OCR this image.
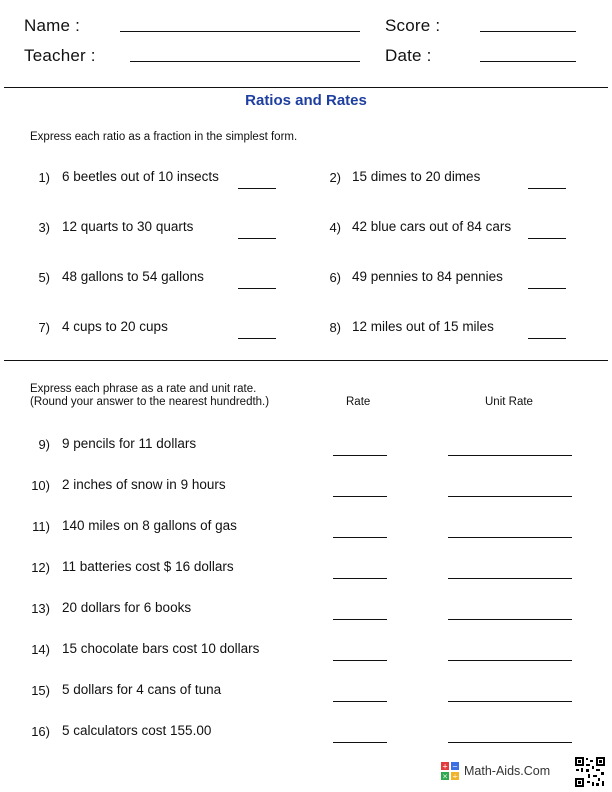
Name :	Score :
Teacher :	Date :
Ratios and Rates
Express each ratio as a fraction in the simplest form.
1) 6 beetles out of 10 insects	2) 15 dimes to 20 dimes
3) 12 quarts to 30 quarts	4) 42 blue cars out of 84 cars
5) 48 gallons to 54 gallons	6) 49 pennies to 84 pennies
7) 4 cups to 20 cups	8) 12 miles out of 15 miles
Express each phrase as a rate and unit rate.
(Round your answer to the nearest hundredth.)	Rate	Unit Rate
9) 9 pencils for 11 dollars
10) 2 inches of snow in 9 hours
11) 140 miles on 8 gallons of gas
12) 11 batteries cost $ 16 dollars
13) 20 dollars for 6 books
14) 15 chocolate bars cost 10 dollars
15) 5 dollars for 4 cans of tuna
16) 5 calculators cost 155.00
+ −
× ÷ Math-Aids.Com
